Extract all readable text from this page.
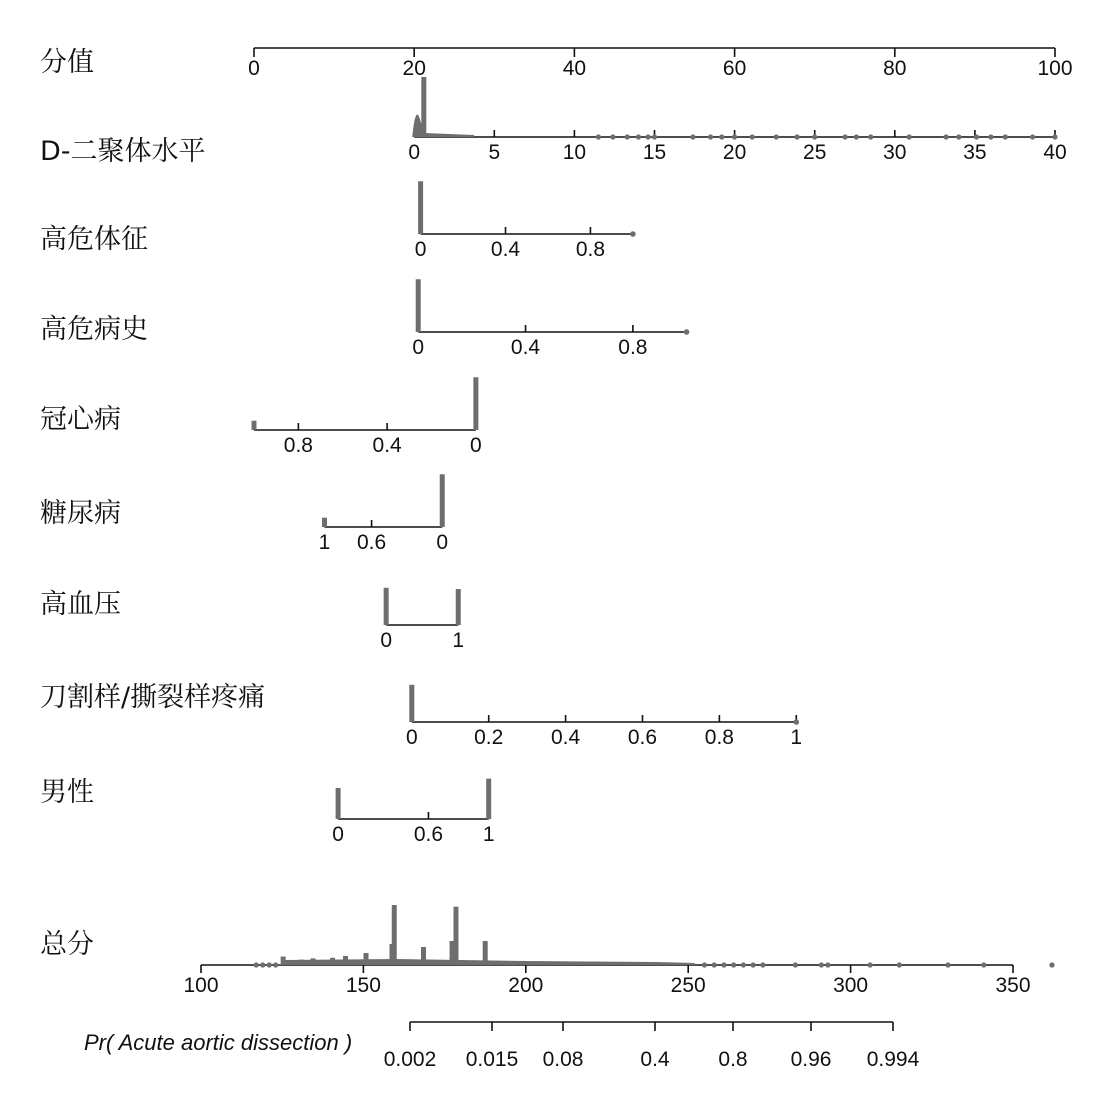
分值
D-二聚体水平
高危体征
高危病史
冠心病
糖尿病
高血压
刀割样/撕裂样疼痛
男性
总分
Pr( Acute aortic dissection )
0	20	40	60	80	100
0	5	10	15	20	25	30	35	40
0	0.4	0.8
0	0.4	0.8
0
0.4
0.8
1 0.6 0
0	1
0	0.2 0.4 0.6 0.8	1
0	0.6 1
100	150	200	250	300	350
0.002 0.015 0.08	0.4 0.8 0.96 0.994
